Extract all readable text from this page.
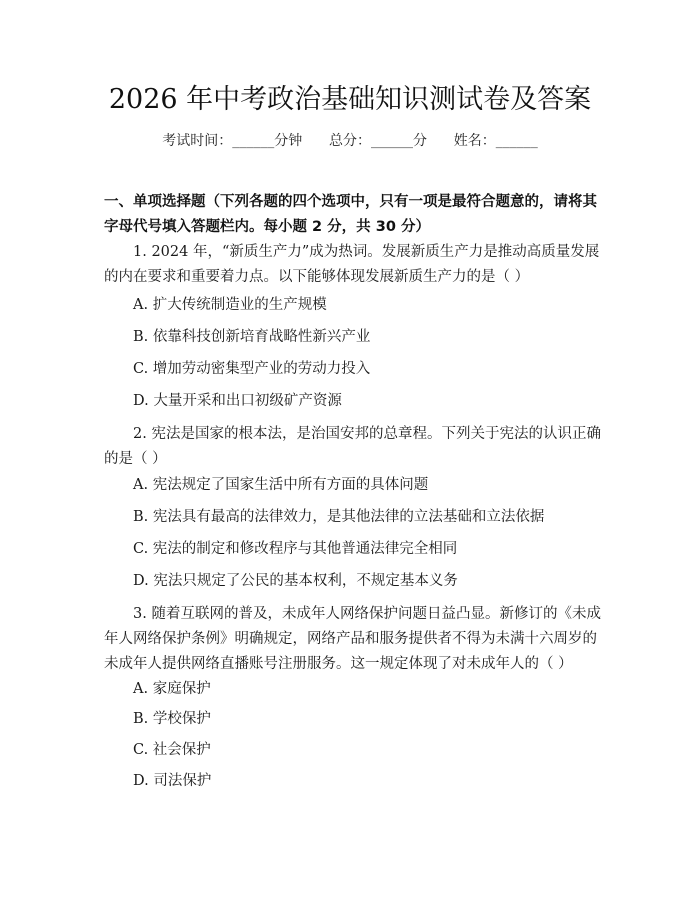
2026 年中考政治基础知识测试卷及答案
考试时间：______分钟 总分：______分 姓名：______
一、单项选择题（下列各题的四个选项中，只有一项是最符合题意的，请将其字母代号填入答题栏内。每小题 2 分，共 30 分）
1. 2024 年，“新质生产力”成为热词。发展新质生产力是推动高质量发展的内在要求和重要着力点。以下能够体现发展新质生产力的是（ ）
A. 扩大传统制造业的生产规模
B. 依靠科技创新培育战略性新兴产业
C. 增加劳动密集型产业的劳动力投入
D. 大量开采和出口初级矿产资源
2. 宪法是国家的根本法，是治国安邦的总章程。下列关于宪法的认识正确的是（ ）
A. 宪法规定了国家生活中所有方面的具体问题
B. 宪法具有最高的法律效力，是其他法律的立法基础和立法依据
C. 宪法的制定和修改程序与其他普通法律完全相同
D. 宪法只规定了公民的基本权利，不规定基本义务
3. 随着互联网的普及，未成年人网络保护问题日益凸显。新修订的《未成年人网络保护条例》明确规定，网络产品和服务提供者不得为未满十六周岁的未成年人提供网络直播账号注册服务。这一规定体现了对未成年人的（ ）
A. 家庭保护
B. 学校保护
C. 社会保护
D. 司法保护
